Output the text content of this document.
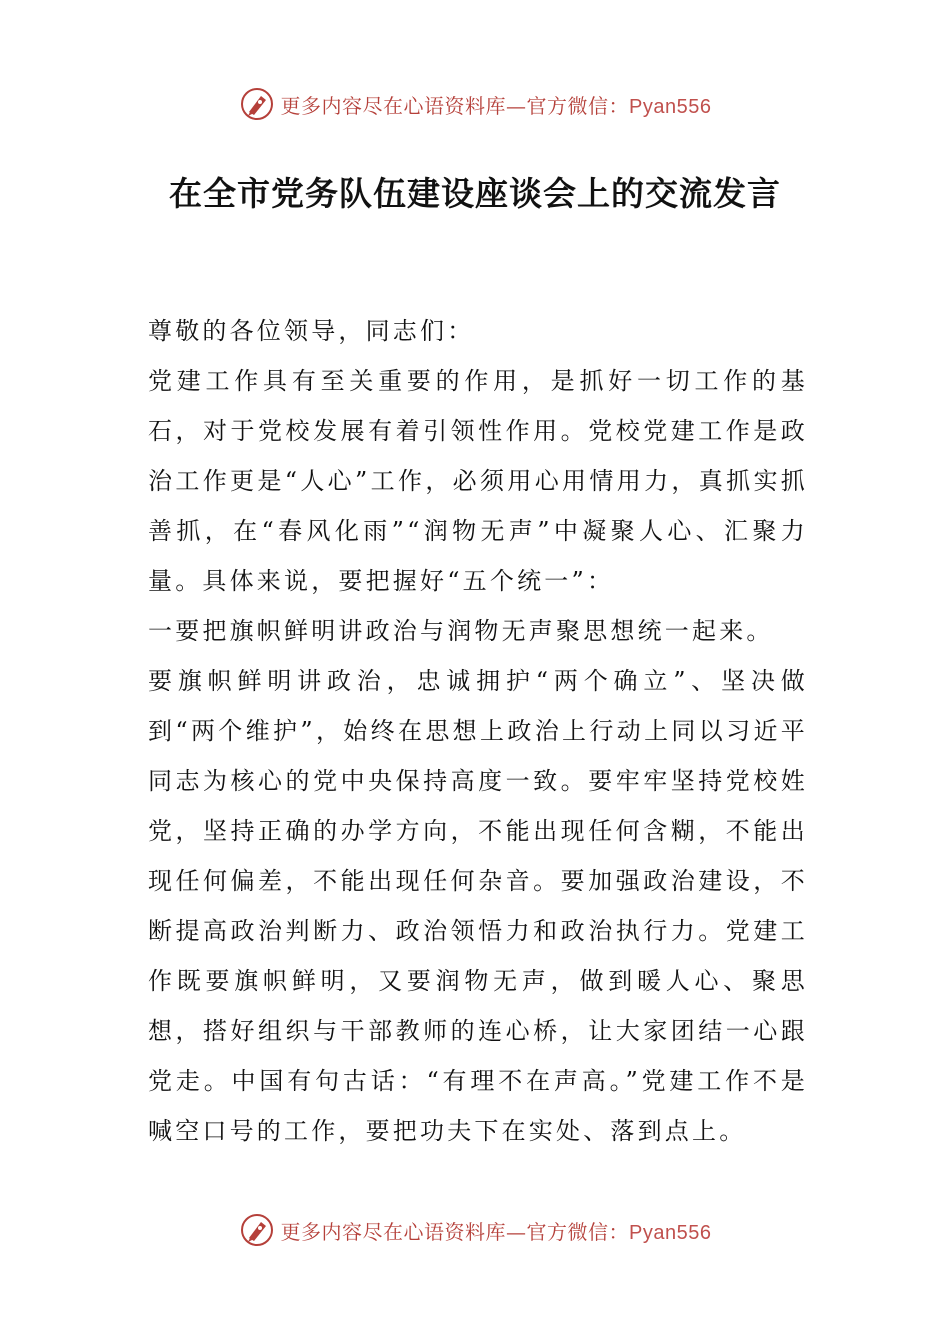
更多内容尽在心语资料库—官方微信：Pyan556
在全市党务队伍建设座谈会上的交流发言

尊敬的各位领导，同志们：

党建工作具有至关重要的作用，是抓好一切工作的基石，对于党校发展有着引领性作用。党校党建工作是政治工作更是“人心”工作，必须用心用情用力，真抓实抓善抓，在“春风化雨”“润物无声”中凝聚人心、汇聚力量。具体来说，要把握好“五个统一”：

一要把旗帜鲜明讲政治与润物无声聚思想统一起来。

要旗帜鲜明讲政治，忠诚拥护“两个确立”、坚决做到“两个维护”，始终在思想上政治上行动上同以习近平同志为核心的党中央保持高度一致。要牢牢坚持党校姓党，坚持正确的办学方向，不能出现任何含糊，不能出现任何偏差，不能出现任何杂音。要加强政治建设，不断提高政治判断力、政治领悟力和政治执行力。党建工作既要旗帜鲜明，又要润物无声，做到暖人心、聚思想，搭好组织与干部教师的连心桥，让大家团结一心跟党走。中国有句古话：“有理不在声高。”党建工作不是喊空口号的工作，要把功夫下在实处、落到点上。

更多内容尽在心语资料库—官方微信：Pyan556
